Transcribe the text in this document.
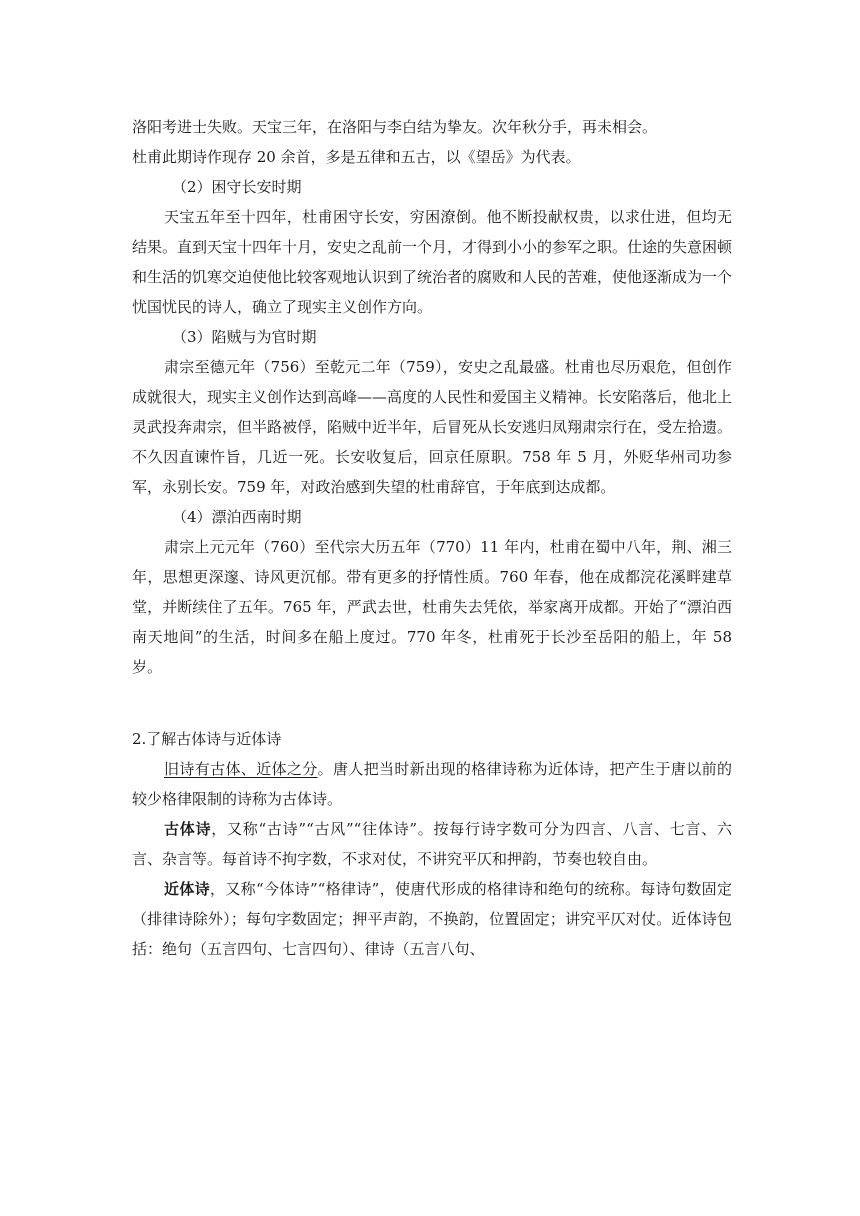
洛阳考进士失败。天宝三年，在洛阳与李白结为挚友。次年秋分手，再未相会。

杜甫此期诗作现存 20 余首，多是五律和五古，以《望岳》为代表。

（2）困守长安时期

天宝五年至十四年，杜甫困守长安，穷困潦倒。他不断投献权贵，以求仕进，但均无结果。直到天宝十四年十月，安史之乱前一个月，才得到小小的参军之职。仕途的失意困顿和生活的饥寒交迫使他比较客观地认识到了统治者的腐败和人民的苦难，使他逐渐成为一个忧国忧民的诗人，确立了现实主义创作方向。

（3）陷贼与为官时期

肃宗至德元年（756）至乾元二年（759），安史之乱最盛。杜甫也尽历艰危，但创作成就很大，现实主义创作达到高峰——高度的人民性和爱国主义精神。长安陷落后，他北上灵武投奔肃宗，但半路被俘，陷贼中近半年，后冒死从长安逃归凤翔肃宗行在，受左拾遗。不久因直谏忤旨，几近一死。长安收复后，回京任原职。758 年 5 月，外贬华州司功参军，永别长安。759 年，对政治感到失望的杜甫辞官，于年底到达成都。

（4）漂泊西南时期

肃宗上元元年（760）至代宗大历五年（770）11 年内，杜甫在蜀中八年，荆、湘三年，思想更深邃、诗风更沉郁。带有更多的抒情性质。760 年春，他在成都浣花溪畔建草堂，并断续住了五年。765 年，严武去世，杜甫失去凭依，举家离开成都。开始了“漂泊西南天地间”的生活，时间多在船上度过。770 年冬，杜甫死于长沙至岳阳的船上，年 58 岁。

2.了解古体诗与近体诗

旧诗有古体、近体之分。唐人把当时新出现的格律诗称为近体诗，把产生于唐以前的较少格律限制的诗称为古体诗。

古体诗，又称“古诗”“古风”“往体诗”。按每行诗字数可分为四言、八言、七言、六言、杂言等。每首诗不拘字数，不求对仗，不讲究平仄和押韵，节奏也较自由。

近体诗，又称“今体诗”“格律诗”，使唐代形成的格律诗和绝句的统称。每诗句数固定（排律诗除外）；每句字数固定；押平声韵，不换韵，位置固定；讲究平仄对仗。近体诗包括：绝句（五言四句、七言四句）、律诗（五言八句、
